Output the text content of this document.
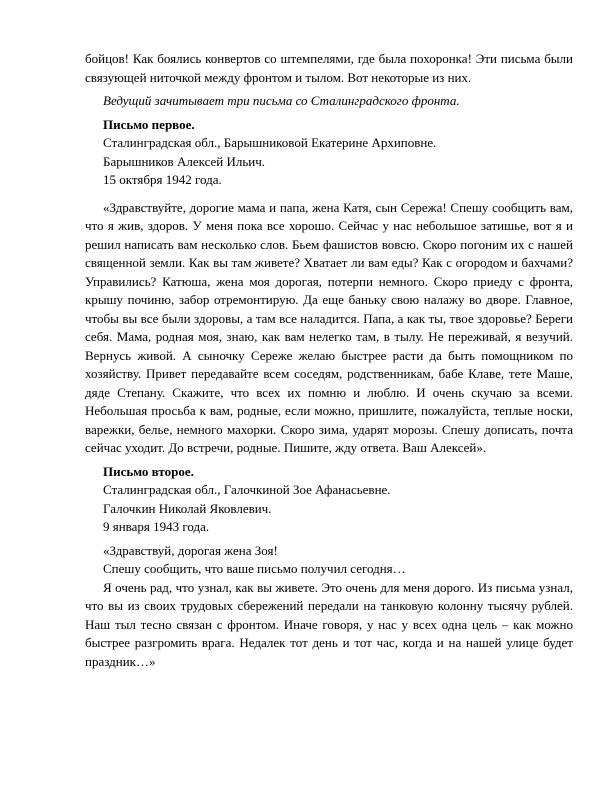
бойцов! Как боялись конвертов со штемпелями, где была похоронка! Эти письма были связующей ниточкой между фронтом и тылом. Вот некоторые из них.

Ведущий зачитывает три письма со Сталинградского фронта.

Письмо первое.

Сталинградская обл., Барышниковой Екатерине Архиповне.

Барышников Алексей Ильич.

15 октября 1942 года.

«Здравствуйте, дорогие мама и папа, жена Катя, сын Сережа! Спешу сообщить вам, что я жив, здоров. У меня пока все хорошо. Сейчас у нас небольшое затишье, вот я и решил написать вам несколько слов. Бьем фашистов вовсю. Скоро погоним их с нашей священной земли. Как вы там живете? Хватает ли вам еды? Как с огородом и бахчами? Управились? Катюша, жена моя дорогая, потерпи немного. Скоро приеду с фронта, крышу починю, забор отремонтирую. Да еще баньку свою налажу во дворе. Главное, чтобы вы все были здоровы, а там все наладится. Папа, а как ты, твое здоровье? Береги себя. Мама, родная моя, знаю, как вам нелегко там, в тылу. Не переживай, я везучий. Вернусь живой. А сыночку Сереже желаю быстрее расти да быть помощником по хозяйству. Привет передавайте всем соседям, родственникам, бабе Клаве, тете Маше, дяде Степану. Скажите, что всех их помню и люблю. И очень скучаю за всеми. Небольшая просьба к вам, родные, если можно, пришлите, пожалуйста, теплые носки, варежки, белье, немного махорки. Скоро зима, ударят морозы. Спешу дописать, почта сейчас уходит. До встречи, родные. Пишите, жду ответа. Ваш Алексей».

Письмо второе.

Сталинградская обл., Галочкиной Зое Афанасьевне.

Галочкин Николай Яковлевич.

9 января 1943 года.

«Здравствуй, дорогая жена Зоя!

Спешу сообщить, что ваше письмо получил сегодня…

Я очень рад, что узнал, как вы живете. Это очень для меня дорого. Из письма узнал, что вы из своих трудовых сбережений передали на танковую колонну тысячу рублей. Наш тыл тесно связан с фронтом. Иначе говоря, у нас у всех одна цель – как можно быстрее разгромить врага. Недалек тот день и тот час, когда и на нашей улице будет праздник…»
